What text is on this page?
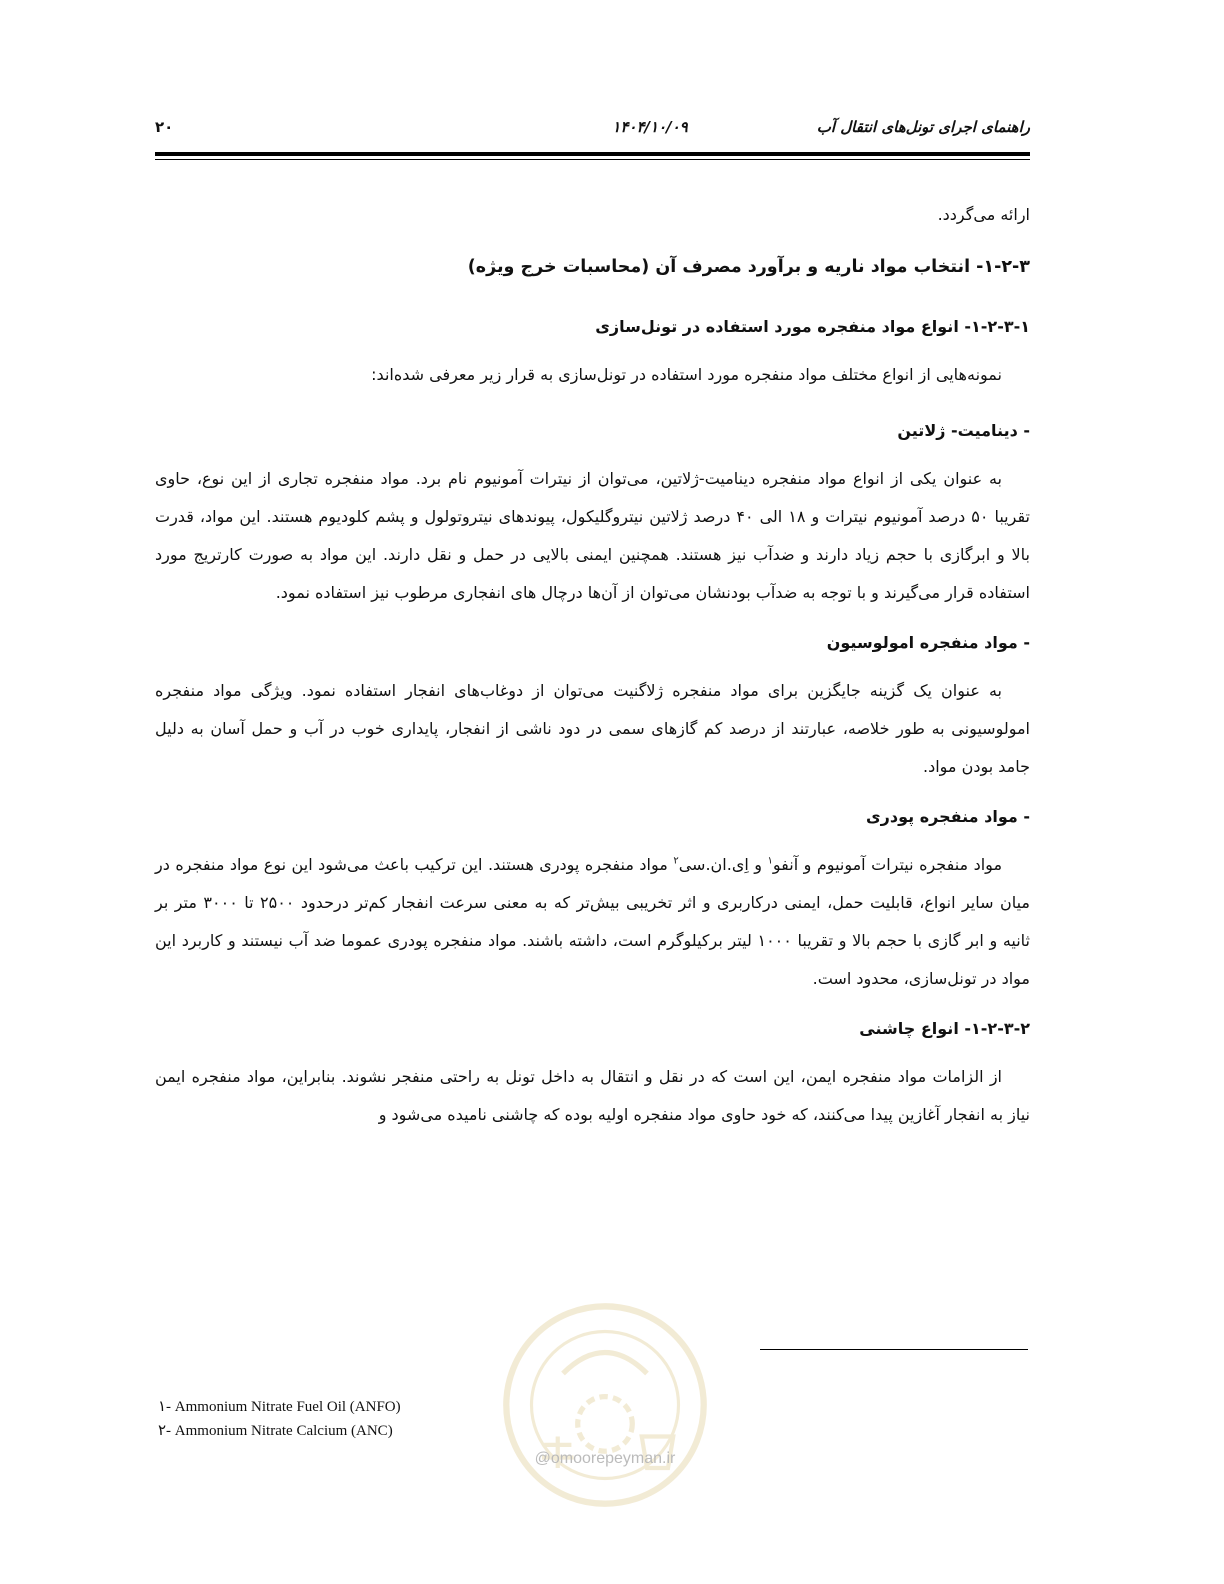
۲۰	۱۴۰۴/۱۰/۰۹	راهنمای اجرای تونل‌های انتقال آب

ارائه می‌گردد.

۱-۲-۳- انتخاب مواد ناریه و برآورد مصرف آن (محاسبات خرج ویژه)

۱-۲-۳-۱- انواع مواد منفجره مورد استفاده در تونل‌سازی

نمونه‌هایی از انواع مختلف مواد منفجره مورد استفاده در تونل‌سازی به قرار زیر معرفی شده‌اند:

- دینامیت- ژلاتین

به عنوان یکی از انواع مواد منفجره دینامیت-ژلاتین، می‌توان از نیترات آمونیوم نام برد. مواد منفجره تجاری از این نوع، حاوی تقریبا ۵۰ درصد آمونیوم نیترات و ۱۸ الی ۴۰ درصد ژلاتین نیتروگلیکول، پیوندهای نیتروتولول و پشم کلودیوم هستند. این مواد، قدرت بالا و ابرگازی با حجم زیاد دارند و ضدآب نیز هستند. همچنین ایمنی بالایی در حمل و نقل دارند. این مواد به صورت کارتریج مورد استفاده قرار می‌گیرند و با توجه به ضدآب بودنشان می‌توان از آن‌ها درچال های انفجاری مرطوب نیز استفاده نمود.

- مواد منفجره امولوسیون

به عنوان یک گزینه جایگزین برای مواد منفجره ژلاگنیت می‌توان از دوغاب‌های انفجار استفاده نمود. ویژگی مواد منفجره امولوسیونی به طور خلاصه، عبارتند از درصد کم گازهای سمی در دود ناشی از انفجار، پایداری خوب در آب و حمل آسان به دلیل جامد بودن مواد.

- مواد منفجره پودری

مواد منفجره نیترات آمونیوم و آنفو$^۱$ و اِی.ان.سی$^۲$ مواد منفجره پودری هستند. این ترکیب باعث می‌شود این نوع مواد منفجره در میان سایر انواع، قابلیت حمل، ایمنی درکاربری و اثر تخریبی بیش‌تر که به معنی سرعت انفجار کم‌تر درحدود ۲۵۰۰ تا ۳۰۰۰ متر بر ثانیه و ابر گازی با حجم بالا و تقریبا ۱۰۰۰ لیتر برکیلوگرم است، داشته باشند. مواد منفجره پودری عموما ضد آب نیستند و کاربرد این مواد در تونل‌سازی، محدود است.

۱-۲-۳-۲- انواع چاشنی

از الزامات مواد منفجره ایمن، این است که در نقل و انتقال به داخل تونل به راحتی منفجر نشوند. بنابراین، مواد منفجره ایمن نیاز به انفجار آغازین پیدا می‌کنند، که خود حاوی مواد منفجره اولیه بوده که چاشنی نامیده می‌شود و

@omoorepeyman.ir
۱- Ammonium Nitrate Fuel Oil (ANFO)
۲- Ammonium Nitrate Calcium (ANC)
